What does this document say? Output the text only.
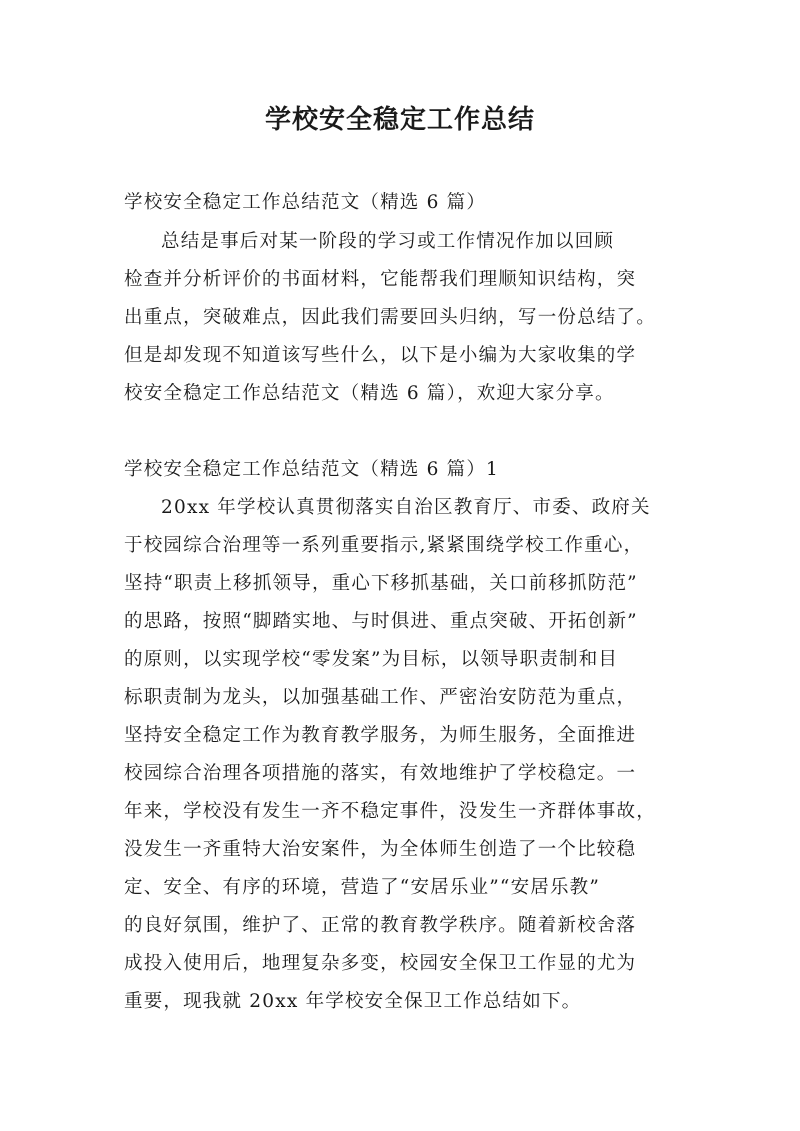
学校安全稳定工作总结
学校安全稳定工作总结范文（精选 6 篇）
总结是事后对某一阶段的学习或工作情况作加以回顾
检查并分析评价的书面材料，它能帮我们理顺知识结构，突
出重点，突破难点，因此我们需要回头归纳，写一份总结了。
但是却发现不知道该写些什么，以下是小编为大家收集的学
校安全稳定工作总结范文（精选 6 篇），欢迎大家分享。
学校安全稳定工作总结范文（精选 6 篇）1
20xx 年学校认真贯彻落实自治区教育厅、市委、政府关
于校园综合治理等一系列重要指示,紧紧围绕学校工作重心，
坚持“职责上移抓领导，重心下移抓基础，关口前移抓防范”
的思路，按照“脚踏实地、与时俱进、重点突破、开拓创新”
的原则，以实现学校“零发案”为目标，以领导职责制和目
标职责制为龙头，以加强基础工作、严密治安防范为重点，
坚持安全稳定工作为教育教学服务，为师生服务，全面推进
校园综合治理各项措施的落实，有效地维护了学校稳定。一
年来，学校没有发生一齐不稳定事件，没发生一齐群体事故，
没发生一齐重特大治安案件，为全体师生创造了一个比较稳
定、安全、有序的环境，营造了“安居乐业”“安居乐教”
的良好氛围，维护了、正常的教育教学秩序。随着新校舍落
成投入使用后，地理复杂多变，校园安全保卫工作显的尤为
重要，现我就 20xx 年学校安全保卫工作总结如下。
